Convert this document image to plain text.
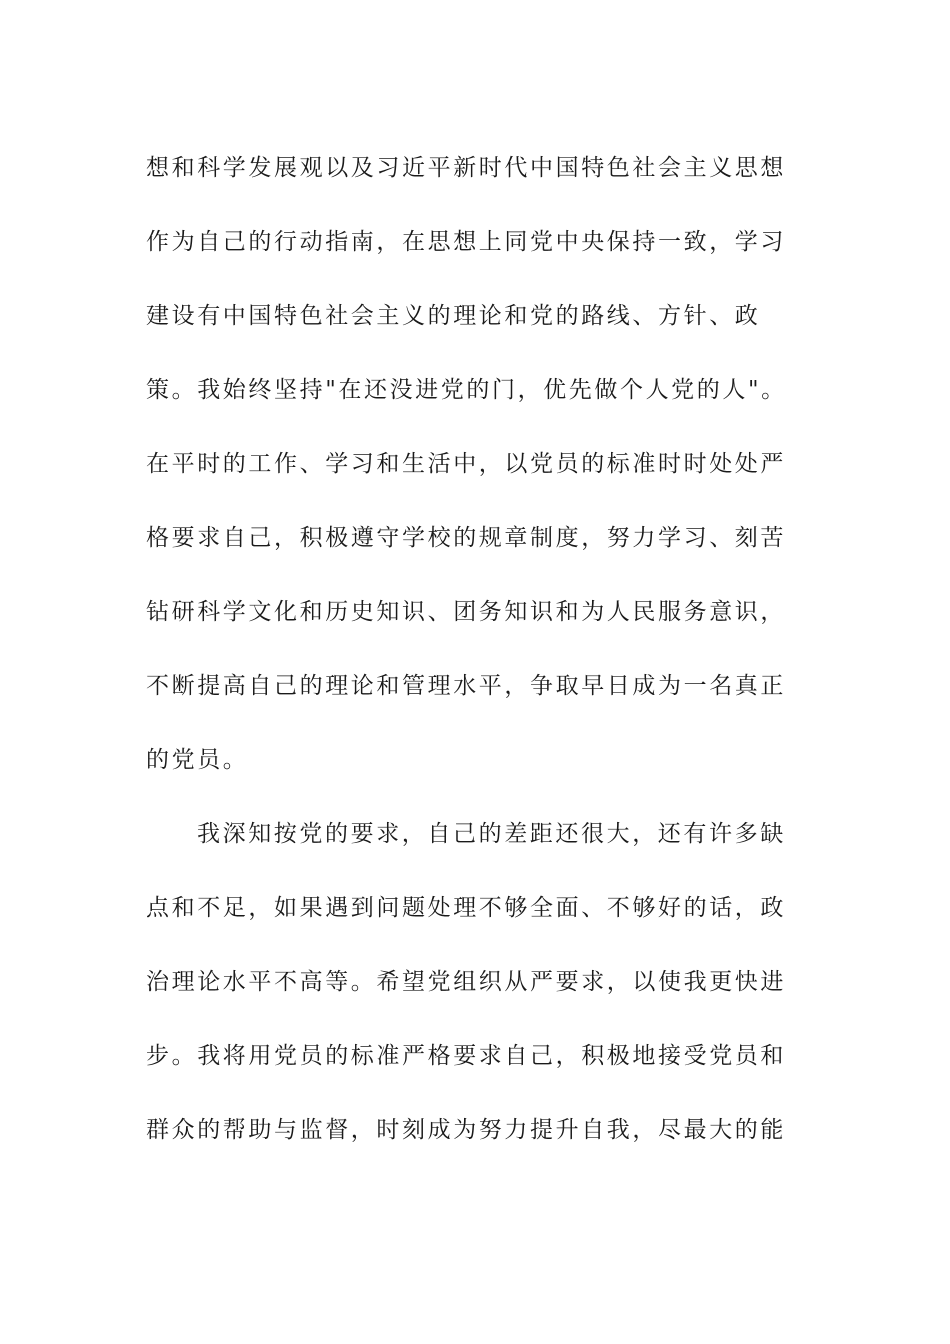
想和科学发展观以及习近平新时代中国特色社会主义思想
作为自己的行动指南，在思想上同党中央保持一致，学习
建设有中国特色社会主义的理论和党的路线、方针、政
策。我始终坚持"在还没进党的门，优先做个人党的人"。
在平时的工作、学习和生活中，以党员的标准时时处处严
格要求自己，积极遵守学校的规章制度，努力学习、刻苦
钻研科学文化和历史知识、团务知识和为人民服务意识，
不断提高自己的理论和管理水平，争取早日成为一名真正
的党员。
我深知按党的要求，自己的差距还很大，还有许多缺
点和不足，如果遇到问题处理不够全面、不够好的话，政
治理论水平不高等。希望党组织从严要求，以使我更快进
步。我将用党员的标准严格要求自己，积极地接受党员和
群众的帮助与监督，时刻成为努力提升自我，尽最大的能
